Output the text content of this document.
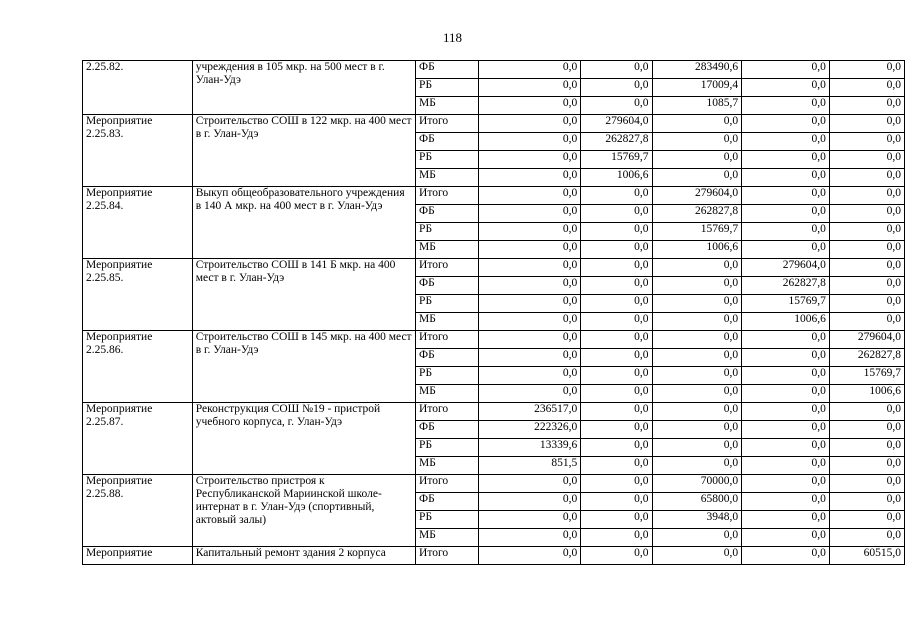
118
2.25.82.	учреждения в 105 мкр. на 500 мест в г. Улан-Удэ	ФБ	0,0	0,0	283490,6	0,0	0,0
		РБ	0,0	0,0	17009,4	0,0	0,0
		МБ	0,0	0,0	1085,7	0,0	0,0
Мероприятие 2.25.83.	Строительство СОШ в 122 мкр. на 400 мест в г. Улан-Удэ	Итого	0,0	279604,0	0,0	0,0	0,0
		ФБ	0,0	262827,8	0,0	0,0	0,0
		РБ	0,0	15769,7	0,0	0,0	0,0
		МБ	0,0	1006,6	0,0	0,0	0,0
Мероприятие 2.25.84.	Выкуп общеобразовательного учреждения в 140 А мкр. на 400 мест в г. Улан-Удэ	Итого	0,0	0,0	279604,0	0,0	0,0
		ФБ	0,0	0,0	262827,8	0,0	0,0
		РБ	0,0	0,0	15769,7	0,0	0,0
		МБ	0,0	0,0	1006,6	0,0	0,0
Мероприятие 2.25.85.	Строительство СОШ в 141 Б мкр. на 400 мест в г. Улан-Удэ	Итого	0,0	0,0	0,0	279604,0	0,0
		ФБ	0,0	0,0	0,0	262827,8	0,0
		РБ	0,0	0,0	0,0	15769,7	0,0
		МБ	0,0	0,0	0,0	1006,6	0,0
Мероприятие 2.25.86.	Строительство СОШ в 145 мкр. на 400 мест в г. Улан-Удэ	Итого	0,0	0,0	0,0	0,0	279604,0
		ФБ	0,0	0,0	0,0	0,0	262827,8
		РБ	0,0	0,0	0,0	0,0	15769,7
		МБ	0,0	0,0	0,0	0,0	1006,6
Мероприятие 2.25.87.	Реконструкция СОШ №19 - пристрой учебного корпуса, г. Улан-Удэ	Итого	236517,0	0,0	0,0	0,0	0,0
		ФБ	222326,0	0,0	0,0	0,0	0,0
		РБ	13339,6	0,0	0,0	0,0	0,0
		МБ	851,5	0,0	0,0	0,0	0,0
Мероприятие 2.25.88.	Строительство пристроя к Республиканской Мариинской школе-интернат в г. Улан-Удэ (спортивный, актовый залы)	Итого	0,0	0,0	70000,0	0,0	0,0
		ФБ	0,0	0,0	65800,0	0,0	0,0
		РБ	0,0	0,0	3948,0	0,0	0,0
		МБ	0,0	0,0	0,0	0,0	0,0
Мероприятие	Капитальный ремонт здания 2 корпуса	Итого	0,0	0,0	0,0	0,0	60515,0
